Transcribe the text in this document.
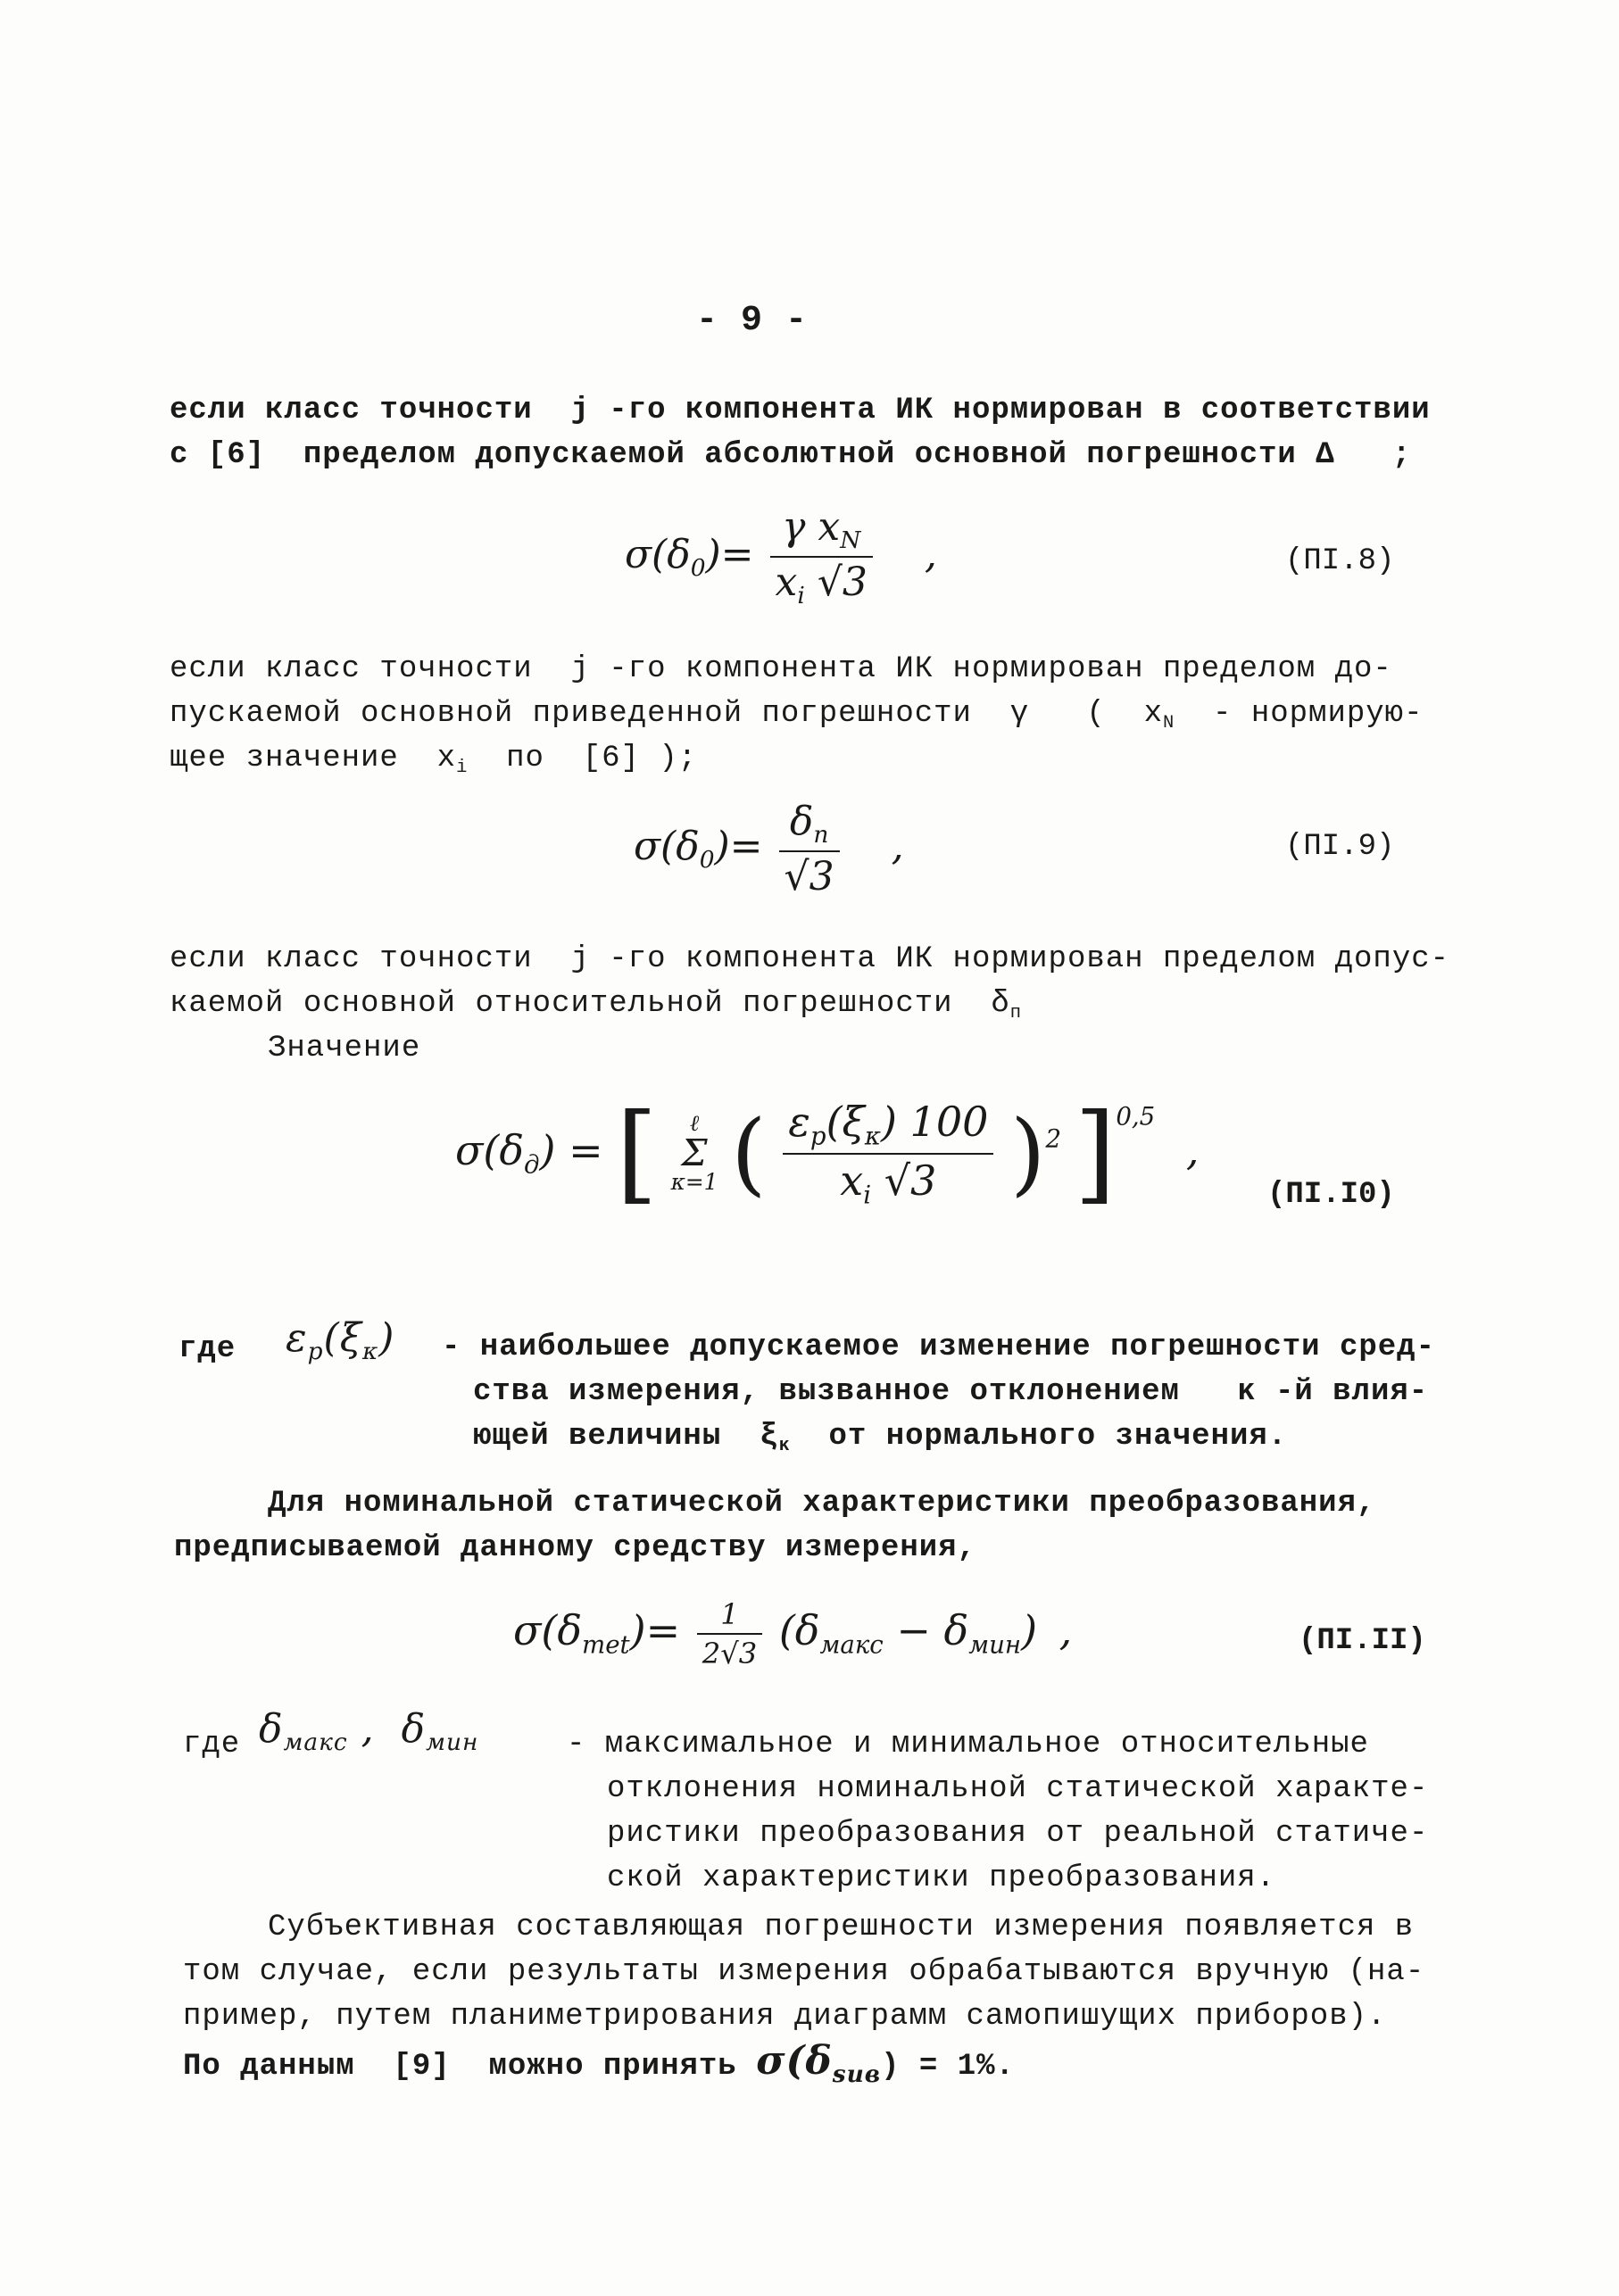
- 9 -
если класс точности  j -го компонента ИК нормирован в соответствии
с [6]  пределом допускаемой абсолютной основной погрешности Δ   ;
$\sigma(\delta_0)= \frac{\gamma x_N}{x_i √3}$ ,	(ПI.8)
если класс точности  j -го компонента ИК нормирован пределом до-
пускаемой основной приведенной погрешности  γ   (  $x_N$  - нормирую-
щее значение  $x_i$  по  [6] );
$\sigma(\delta_0)= \frac{\delta_п}{√3}$ ,	(ПI.9)
если класс точности  j -го компонента ИК нормирован пределом допус-
каемой основной относительной погрешности  $\delta_п$
Значение
$\sigma(\delta_д)$ = [	ℓ
Σ
κ=1 ( $\frac{\varepsilon_p(\xi_\kappa) 100}{x_i √3} )^2$ ]$^{0,5}$ ,
(ПI.I0)
где $\varepsilon_p(\xi_\kappa)$ - наибольшее допускаемое изменение погрешности сред-
ства измерения, вызванное отклонением   κ -й влия-
ющей величины  $\xi_\kappa$  от нормального значения.
Для номинальной статической характеристики преобразования,
предписываемой данному средству измерения,
$\sigma(\delta_{met})= \frac{1}{2√3} (\delta_{макс} - \delta_{мин})$ ,	(ПI.II)
где $\delta_{макс}$ ,  $\delta_{мин}$	- максимальное и минимальное относительные
отклонения номинальной статической характе-
ристики преобразования от реальной статиче-
ской характеристики преобразования.
Субъективная составляющая погрешности измерения появляется в
том случае, если результаты измерения обрабатываются вручную (на-
пример, путем планиметрирования диаграмм самопишущих приборов).
По данным  [9]  можно принять $\sigma(\delta_{suв}) = 1\%$.
